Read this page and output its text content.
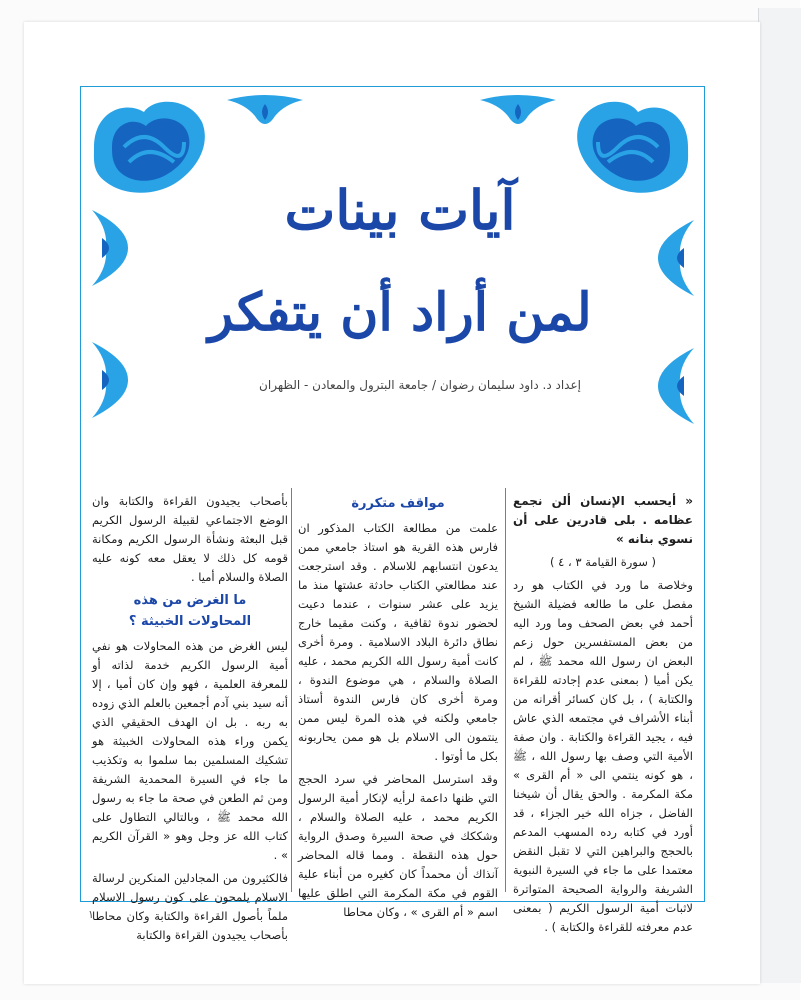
آيات بينات
لمن أراد أن يتفكر
إعداد د. داود سليمان رضوان / جامعة البترول والمعادن - الظهران

« أيحسب الإنسان ألن نجمع عظامه . بلى قادرين على أن نسوي بنانه »

( سورة القيامة ٣ ، ٤ )

وخلاصة ما ورد في الكتاب هو رد مفصل على ما طالعه فضيلة الشيخ أحمد في بعض الصحف وما ورد اليه من بعض المستفسرين حول زعم البعض ان رسول الله محمد ﷺ ، لم يكن أميا ( بمعنى عدم إجادته للقراءة والكتابة ) ، بل كان كسائر أقرانه من أبناء الأشراف في مجتمعه الذي عاش فيه ، يجيد القراءة والكتابة . وان صفة الأمية التي وصف بها رسول الله ، ﷺ ، هو كونه ينتمي الى « أم القرى » مكة المكرمة . والحق يقال أن شيخنا الفاضل ، جزاه الله خير الجزاء ، قد أورد في كتابه رده المسهب المدعم بالحجج والبراهين التي لا تقبل النقض معتمدا على ما جاء في السيرة النبوية الشريفة والرواية الصحيحة المتواترة لاثبات أمية الرسول الكريم ( بمعنى عدم معرفته للقراءة والكتابة ) .

مواقف متكررة

علمت من مطالعة الكتاب المذكور ان فارس هذه القرية هو استاذ جامعي ممن يدعون انتسابهم للاسلام . وقد استرجعت عند مطالعتي الكتاب حادثة عشتها منذ ما يزيد على عشر سنوات ، عندما دعيت لحضور ندوة ثقافية ، وكنت مقيما خارج نطاق دائرة البلاد الاسلامية . ومرة أخرى كانت أمية رسول الله الكريم محمد ، عليه الصلاة والسلام ، هي موضوع الندوة ، ومرة أخرى كان فارس الندوة أستاذ جامعي ولكنه في هذه المرة ليس ممن ينتمون الى الاسلام بل هو ممن يحاربونه بكل ما أوتوا .

وقد استرسل المحاضر في سرد الحجج التي ظنها داعمة لرأيه لإنكار أمية الرسول الكريم محمد ، عليه الصلاة والسلام ، وشككك في صحة السيرة وصدق الرواية حول هذه النقطة . ومما قاله المحاضر آنذاك أن محمداً كان كغيره من أبناء علية القوم في مكة المكرمة التي اطلق عليها اسم « أم القرى » ، وكان محاطا

بأصحاب يجيدون القراءة والكتابة وان الوضع الاجتماعي لقبيلة الرسول الكريم قبل البعثة ونشأة الرسول الكريم ومكانة قومه كل ذلك لا يعقل معه كونه عليه الصلاة والسلام أميا .

ما الغرض من هذه
المحاولات الخبيثة ؟

ليس الغرض من هذه المحاولات هو نفي أمية الرسول الكريم خدمة لذاته أو للمعرفة العلمية ، فهو وإن كان أميا ، إلا أنه سيد بني آدم أجمعين بالعلم الذي زوده به ربه . بل ان الهدف الحقيقي الذي يكمن وراء هذه المحاولات الخبيثة هو تشكيك المسلمين بما سلموا به وتكذيب ما جاء في السيرة المحمدية الشريفة ومن ثم الطعن في صحة ما جاء به رسول الله محمد ﷺ ، وبالتالي التطاول على كتاب الله عز وجل وهو « القرآن الكريم » .

فالكثيرون من المجادلين المنكرين لرسالة الاسلام يلمحون على كون رسول الاسلام ملماً بأصول القراءة والكتابة وكان محاطا بأصحاب يجيدون القراءة والكتابة

١
